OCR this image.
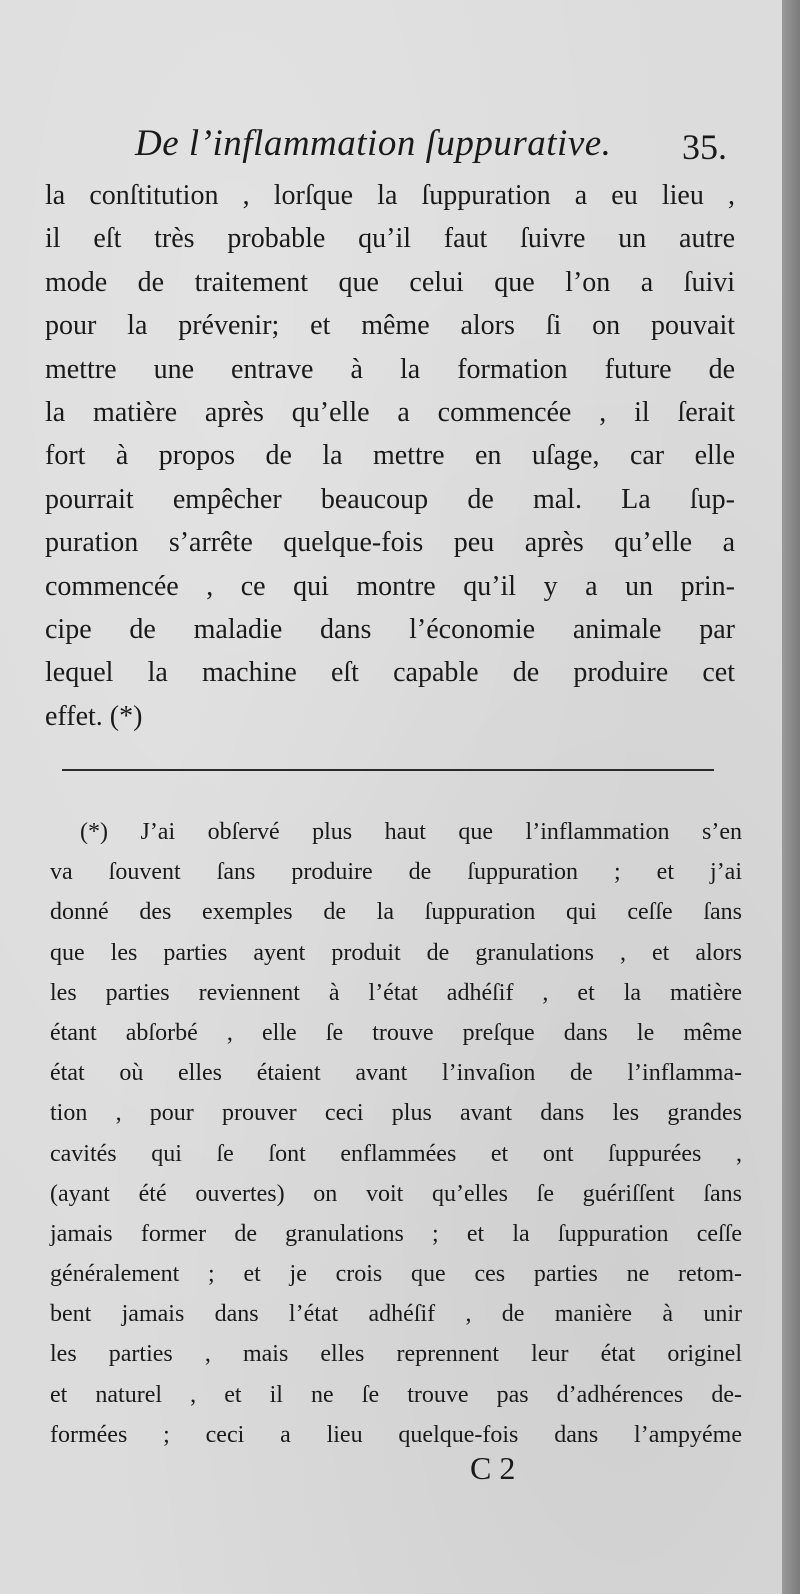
De l’inflammation ſuppurative. 35.
la conſtitution , lorſque la ſuppuration a eu lieu ,
il eſt très probable qu’il faut ſuivre un autre
mode de traitement que celui que l’on a ſuivi
pour la prévenir; et même alors ſi on pouvait
mettre une entrave à la formation future de
la matière après qu’elle a commencée , il ſerait
fort à propos de la mettre en uſage, car elle
pourrait empêcher beaucoup de mal. La ſup-
puration s’arrête quelque-fois peu après qu’elle a
commencée , ce qui montre qu’il y a un prin-
cipe de maladie dans l’économie animale par
lequel la machine eſt capable de produire cet
effet. (*)
(*) J’ai obſervé plus haut que l’inflammation s’en
va ſouvent ſans produire de ſuppuration ; et j’ai
donné des exemples de la ſuppuration qui ceſſe ſans
que les parties ayent produit de granulations , et alors
les parties reviennent à l’état adhéſif , et la matière
étant abſorbé , elle ſe trouve preſque dans le même
état où elles étaient avant l’invaſion de l’inflamma-
tion , pour prouver ceci plus avant dans les grandes
cavités qui ſe ſont enflammées et ont ſuppurées ,
(ayant été ouvertes) on voit qu’elles ſe guériſſent ſans
jamais former de granulations ; et la ſuppuration ceſſe
généralement ; et je crois que ces parties ne retom-
bent jamais dans l’état adhéſif , de manière à unir
les parties , mais elles reprennent leur état originel
et naturel , et il ne ſe trouve pas d’adhérences de-
formées ; ceci a lieu quelque-fois dans l’ampyéme
C 2
